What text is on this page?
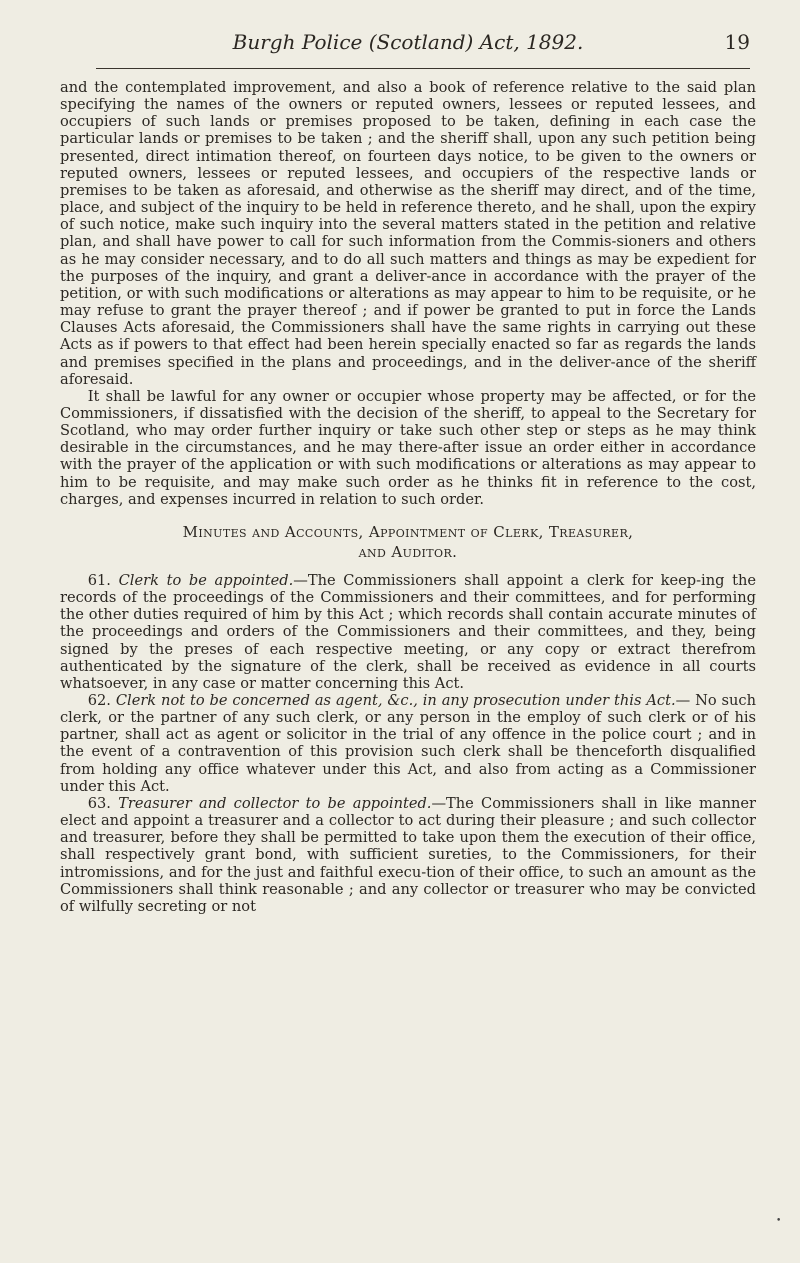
Burgh Police (Scotland) Act, 1892.	19

and the contemplated improvement, and also a book of reference relative to the said plan specifying the names of the owners or reputed owners, lessees or reputed lessees, and occupiers of such lands or premises proposed to be taken, defining in each case the particular lands or premises to be taken ; and the sheriff shall, upon any such petition being presented, direct intimation thereof, on fourteen days notice, to be given to the owners or reputed owners, lessees or reputed lessees, and occupiers of the respective lands or premises to be taken as aforesaid, and otherwise as the sheriff may direct, and of the time, place, and subject of the inquiry to be held in reference thereto, and he shall, upon the expiry of such notice, make such inquiry into the several matters stated in the petition and relative plan, and shall have power to call for such information from the Commis-sioners and others as he may consider necessary, and to do all such matters and things as may be expedient for the purposes of the inquiry, and grant a deliver-ance in accordance with the prayer of the petition, or with such modifications or alterations as may appear to him to be requisite, or he may refuse to grant the prayer thereof ; and if power be granted to put in force the Lands Clauses Acts aforesaid, the Commissioners shall have the same rights in carrying out these Acts as if powers to that effect had been herein specially enacted so far as regards the lands and premises specified in the plans and proceedings, and in the deliver-ance of the sheriff aforesaid.

It shall be lawful for any owner or occupier whose property may be affected, or for the Commissioners, if dissatisfied with the decision of the sheriff, to appeal to the Secretary for Scotland, who may order further inquiry or take such other step or steps as he may think desirable in the circumstances, and he may there-after issue an order either in accordance with the prayer of the application or with such modifications or alterations as may appear to him to be requisite, and may make such order as he thinks fit in reference to the cost, charges, and expenses incurred in relation to such order.

Minutes and Accounts, Appointment of Clerk, Treasurer,
and Auditor.

61. Clerk to be appointed.—The Commissioners shall appoint a clerk for keep-ing the records of the proceedings of the Commissioners and their committees, and for performing the other duties required of him by this Act ; which records shall contain accurate minutes of the proceedings and orders of the Commissioners and their committees, and they, being signed by the preses of each respective meeting, or any copy or extract therefrom authenticated by the signature of the clerk, shall be received as evidence in all courts whatsoever, in any case or matter concerning this Act.

62. Clerk not to be concerned as agent, &c., in any prosecution under this Act.— No such clerk, or the partner of any such clerk, or any person in the employ of such clerk or of his partner, shall act as agent or solicitor in the trial of any offence in the police court ; and in the event of a contravention of this provision such clerk shall be thenceforth disqualified from holding any office whatever under this Act, and also from acting as a Commissioner under this Act.

63. Treasurer and collector to be appointed.—The Commissioners shall in like manner elect and appoint a treasurer and a collector to act during their pleasure ; and such collector and treasurer, before they shall be permitted to take upon them the execution of their office, shall respectively grant bond, with sufficient sureties, to the Commissioners, for their intromissions, and for the just and faithful execu-tion of their office, to such an amount as the Commissioners shall think reasonable ; and any collector or treasurer who may be convicted of wilfully secreting or not

•
